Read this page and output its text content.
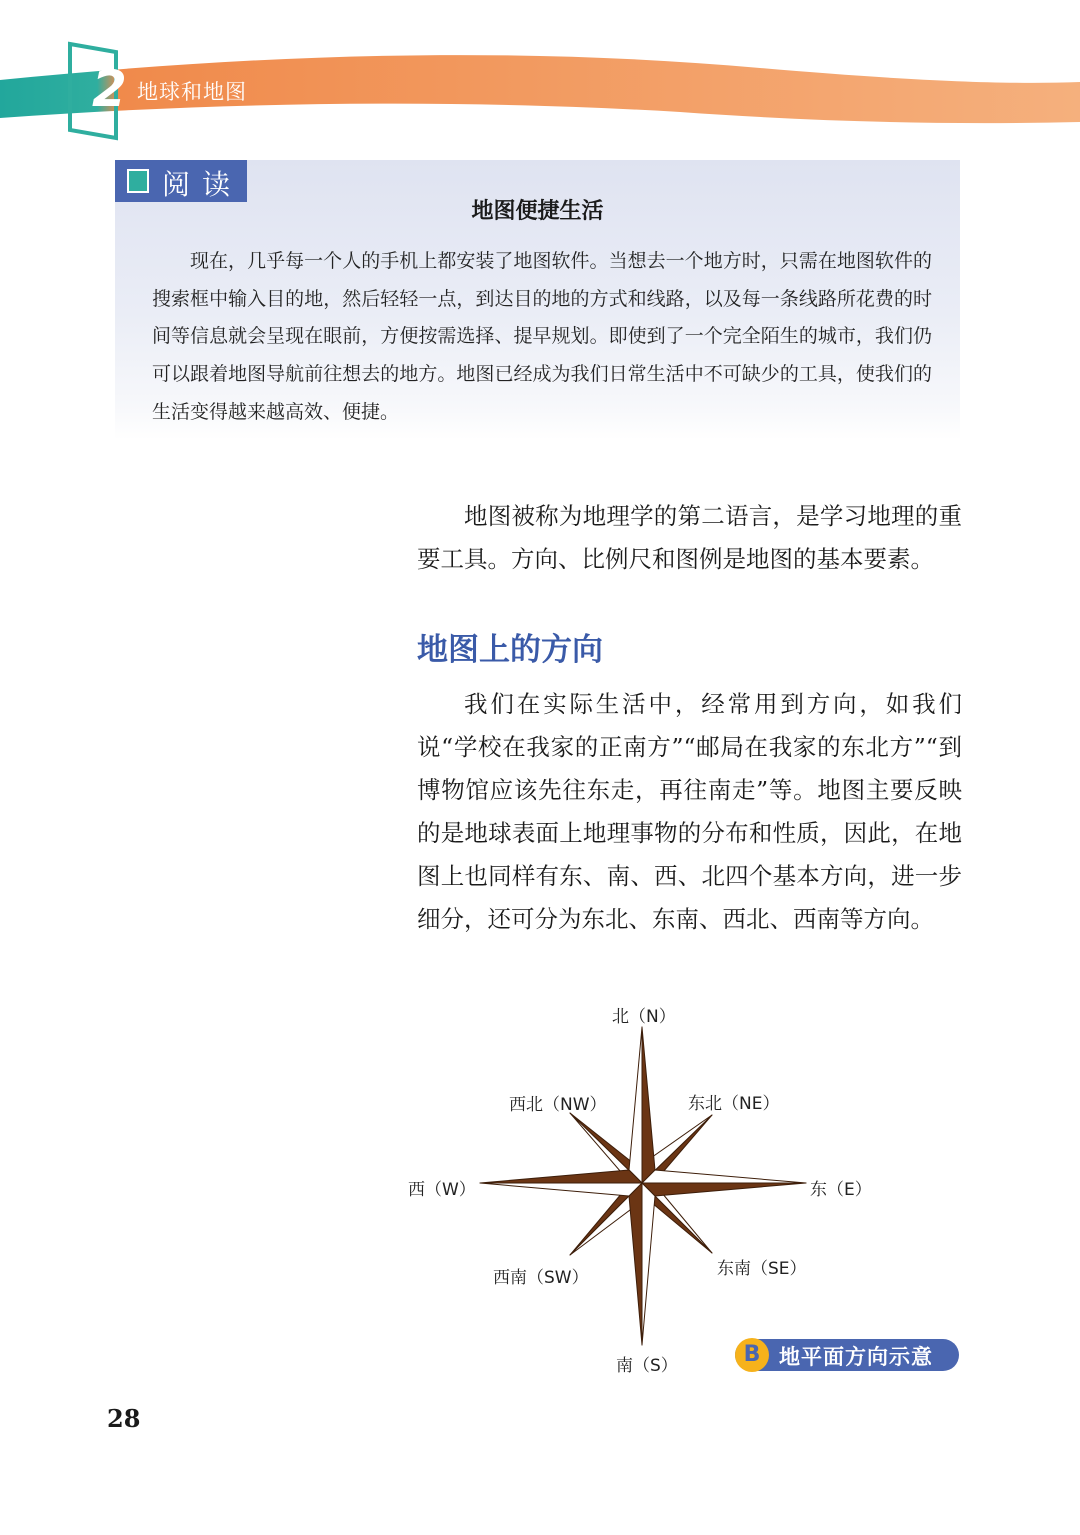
2 地球和地图
阅读
地图便捷生活
现在，几乎每一个人的手机上都安装了地图软件。当想去一个地方时，只需在地图软件的搜索框中输入目的地，然后轻轻一点，到达目的地的方式和线路，以及每一条线路所花费的时间等信息就会呈现在眼前，方便按需选择、提早规划。即使到了一个完全陌生的城市，我们仍可以跟着地图导航前往想去的地方。地图已经成为我们日常生活中不可缺少的工具，使我们的生活变得越来越高效、便捷。
地图被称为地理学的第二语言，是学习地理的重要工具。方向、比例尺和图例是地图的基本要素。
地图上的方向
我们在实际生活中，经常用到方向，如我们说“学校在我家的正南方”“邮局在我家的东北方”“到博物馆应该先往东走，再往南走”等。地图主要反映的是地球表面上地理事物的分布和性质，因此，在地图上也同样有东、南、西、北四个基本方向，进一步细分，还可分为东北、东南、西北、西南等方向。
北（N）
东北（NE）
东（E）
东南（SE）
南（S）
西南（SW）
西（W）
西北（NW）
B 地平面方向示意
28
